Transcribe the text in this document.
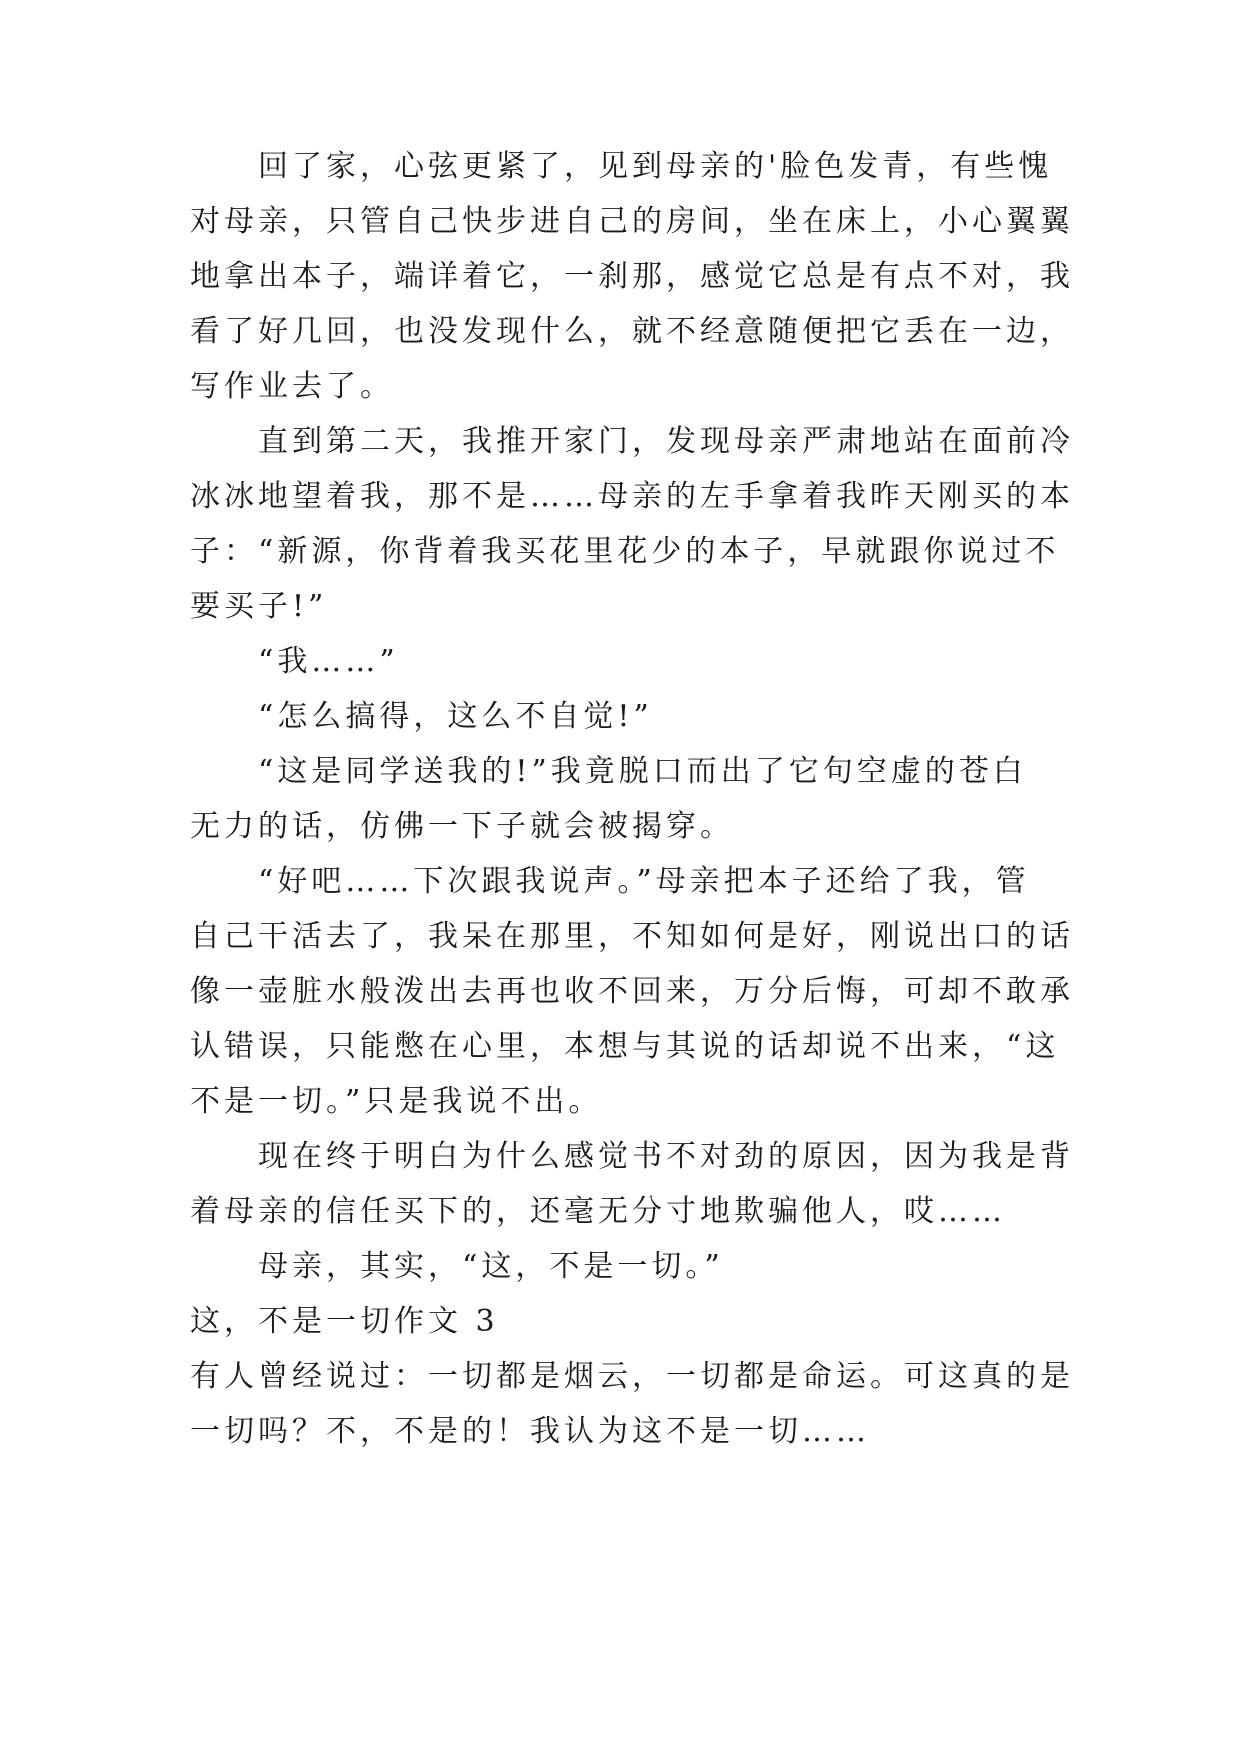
　　回了家，心弦更紧了，见到母亲的'脸色发青，有些愧
对母亲，只管自己快步进自己的房间，坐在床上，小心翼翼
地拿出本子，端详着它，一刹那，感觉它总是有点不对，我
看了好几回，也没发现什么，就不经意随便把它丢在一边，
写作业去了。
　　直到第二天，我推开家门，发现母亲严肃地站在面前冷
冰冰地望着我，那不是……母亲的左手拿着我昨天刚买的本
子：“新源，你背着我买花里花少的本子，早就跟你说过不
要买子!”
　　“我……”
　　“怎么搞得，这么不自觉!”
　　“这是同学送我的!”我竟脱口而出了它句空虚的苍白
无力的话，仿佛一下子就会被揭穿。
　　“好吧……下次跟我说声。”母亲把本子还给了我，管
自己干活去了，我呆在那里，不知如何是好，刚说出口的话
像一壶脏水般泼出去再也收不回来，万分后悔，可却不敢承
认错误，只能憋在心里，本想与其说的话却说不出来，“这
不是一切。”只是我说不出。
　　现在终于明白为什么感觉书不对劲的原因，因为我是背
着母亲的信任买下的，还毫无分寸地欺骗他人，哎……
　　母亲，其实，“这，不是一切。”
这，不是一切作文 3
有人曾经说过：一切都是烟云，一切都是命运。可这真的是
一切吗？不，不是的！我认为这不是一切……
